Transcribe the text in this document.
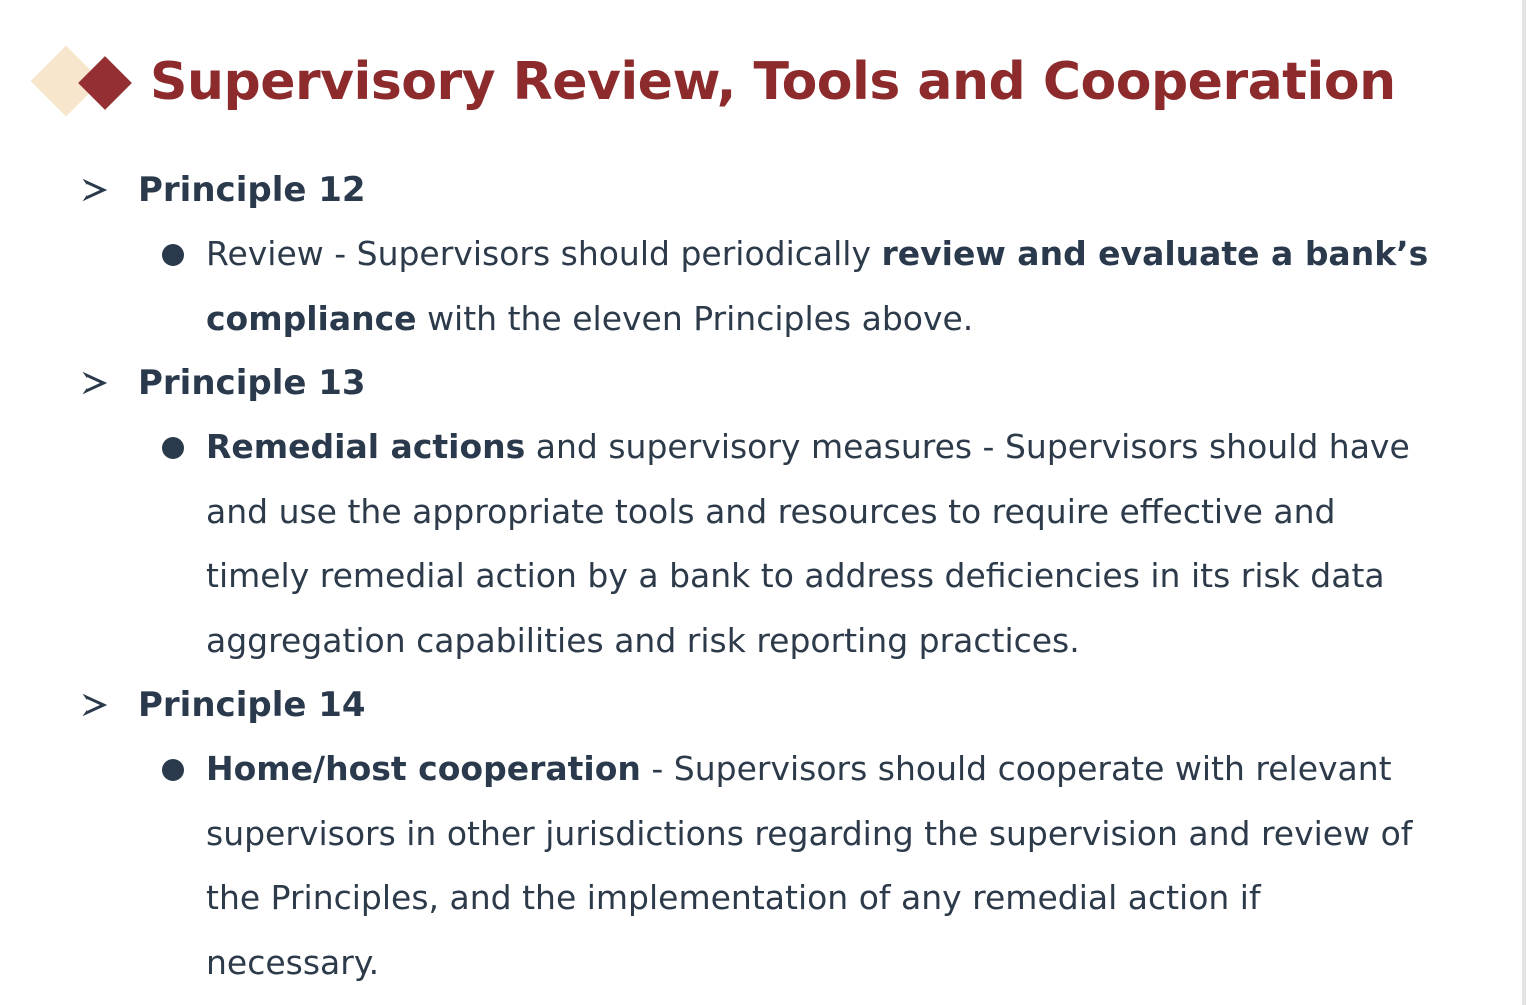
Supervisory Review, Tools and Cooperation
Principle 12
Review - Supervisors should periodically review and evaluate a bank’s compliance with the eleven Principles above.
Principle 13
Remedial actions and supervisory measures - Supervisors should have and use the appropriate tools and resources to require effective and timely remedial action by a bank to address deficiencies in its risk data aggregation capabilities and risk reporting practices.
Principle 14
Home/host cooperation - Supervisors should cooperate with relevant supervisors in other jurisdictions regarding the supervision and review of the Principles, and the implementation of any remedial action if necessary.
